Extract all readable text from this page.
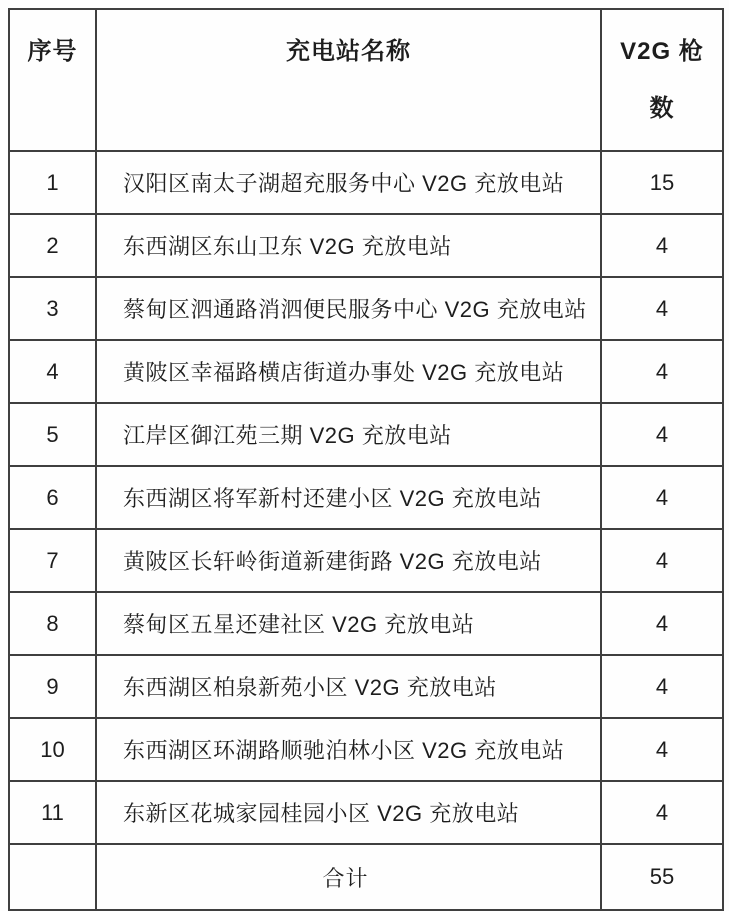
序号	充电站名称	V2G 枪
数

1	汉阳区南太子湖超充服务中心 V2G 充放电站	15
2	东西湖区东山卫东 V2G 充放电站	4
3	蔡甸区泗通路消泗便民服务中心 V2G 充放电站	4
4	黄陂区幸福路横店街道办事处 V2G 充放电站	4
5	江岸区御江苑三期 V2G 充放电站	4
6	东西湖区将军新村还建小区 V2G 充放电站	4
7	黄陂区长轩岭街道新建街路 V2G 充放电站	4
8	蔡甸区五星还建社区 V2G 充放电站	4
9	东西湖区柏泉新苑小区 V2G 充放电站	4
10	东西湖区环湖路顺驰泊林小区 V2G 充放电站	4
11	东新区花城家园桂园小区 V2G 充放电站	4
	合计	55
